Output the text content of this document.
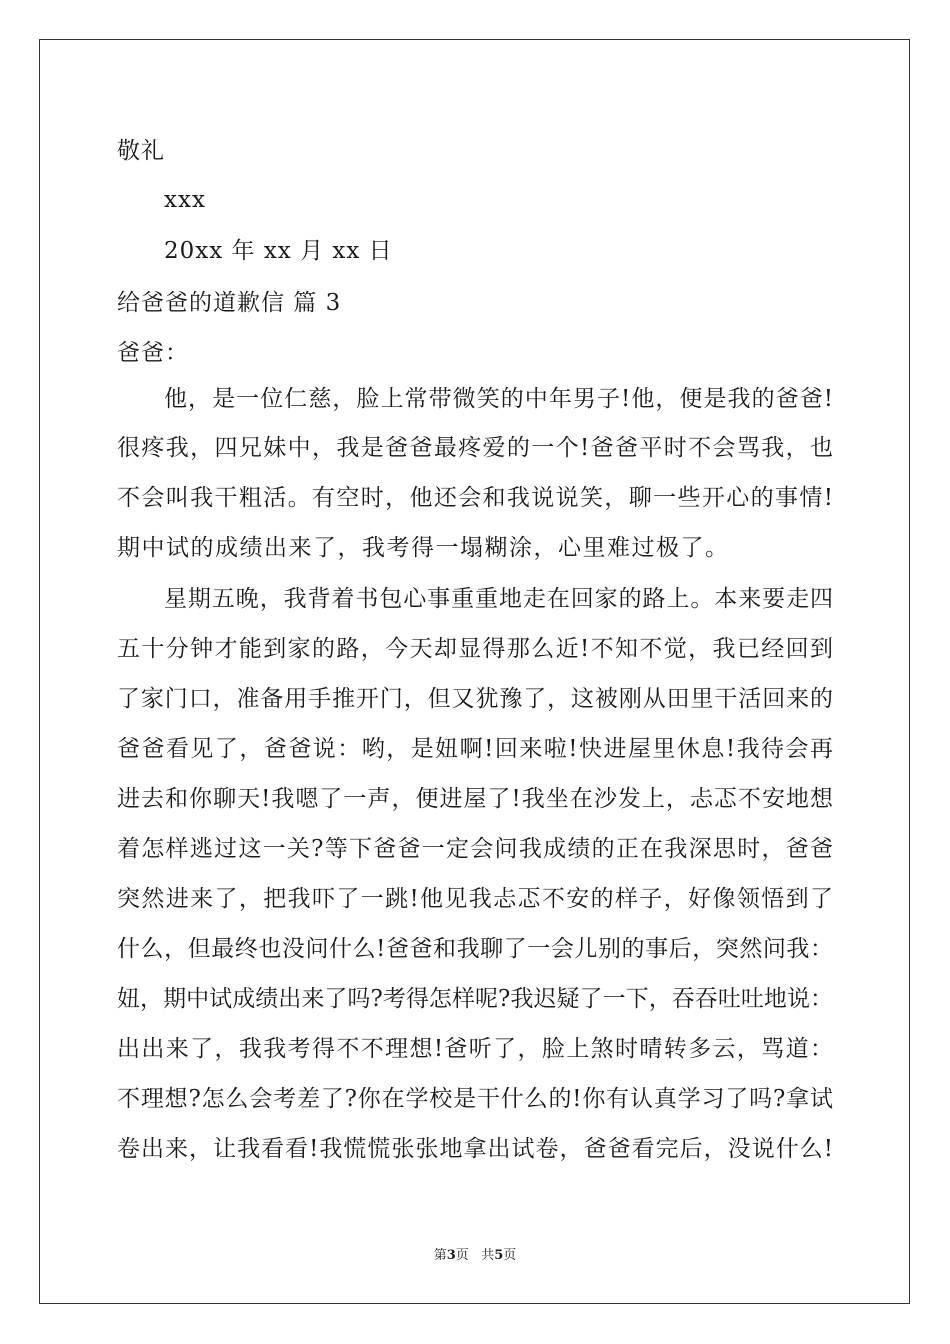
敬礼
xxx
20xx 年 xx 月 xx 日
给爸爸的道歉信 篇 3
爸爸：
他，是一位仁慈，脸上常带微笑的中年男子!他，便是我的爸爸!
很疼我，四兄妹中，我是爸爸最疼爱的一个!爸爸平时不会骂我，也
不会叫我干粗活。有空时，他还会和我说说笑，聊一些开心的事情!
期中试的成绩出来了，我考得一塌糊涂，心里难过极了。
星期五晚，我背着书包心事重重地走在回家的路上。本来要走四
五十分钟才能到家的路，今天却显得那么近!不知不觉，我已经回到
了家门口，准备用手推开门，但又犹豫了，这被刚从田里干活回来的
爸爸看见了，爸爸说：哟，是妞啊!回来啦!快进屋里休息!我待会再
进去和你聊天!我嗯了一声，便进屋了!我坐在沙发上，忐忑不安地想
着怎样逃过这一关?等下爸爸一定会问我成绩的正在我深思时，爸爸
突然进来了，把我吓了一跳!他见我忐忑不安的样子，好像领悟到了
什么，但最终也没问什么!爸爸和我聊了一会儿别的事后，突然问我：
妞，期中试成绩出来了吗?考得怎样呢?我迟疑了一下，吞吞吐吐地说：
出出来了，我我考得不不理想!爸听了，脸上煞时晴转多云，骂道：
不理想?怎么会考差了?你在学校是干什么的!你有认真学习了吗?拿试
卷出来，让我看看!我慌慌张张地拿出试卷，爸爸看完后，没说什么!
第3页 共5页
